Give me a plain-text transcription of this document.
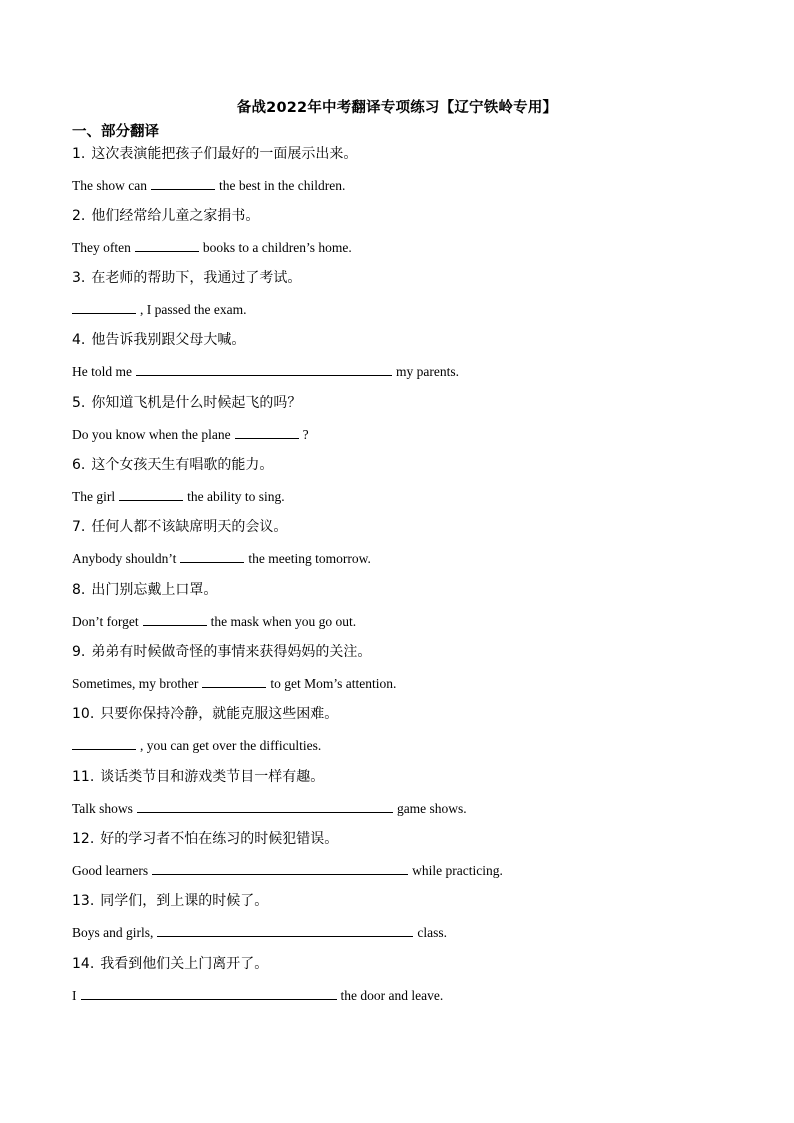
备战2022年中考翻译专项练习【辽宁铁岭专用】
一、部分翻译
1. 这次表演能把孩子们最好的一面展示出来。
The show can	the best in the children.
2. 他们经常给儿童之家捐书。
They often	books to a children’s home.
3. 在老师的帮助下，我通过了考试。
, I passed the exam.
4. 他告诉我别跟父母大喊。
He told me	my parents.
5. 你知道飞机是什么时候起飞的吗？
Do you know when the plane	?
6. 这个女孩天生有唱歌的能力。
The girl	the ability to sing.
7. 任何人都不该缺席明天的会议。
Anybody shouldn’t	the meeting tomorrow.
8. 出门别忘戴上口罩。
Don’t forget	the mask when you go out.
9. 弟弟有时候做奇怪的事情来获得妈妈的关注。
Sometimes, my brother	to get Mom’s attention.
10. 只要你保持冷静，就能克服这些困难。
, you can get over the difficulties.
11. 谈话类节目和游戏类节目一样有趣。
Talk shows	game shows.
12. 好的学习者不怕在练习的时候犯错误。
Good learners	while practicing.
13. 同学们，到上课的时候了。
Boys and girls,	class.
14. 我看到他们关上门离开了。
I	the door and leave.
